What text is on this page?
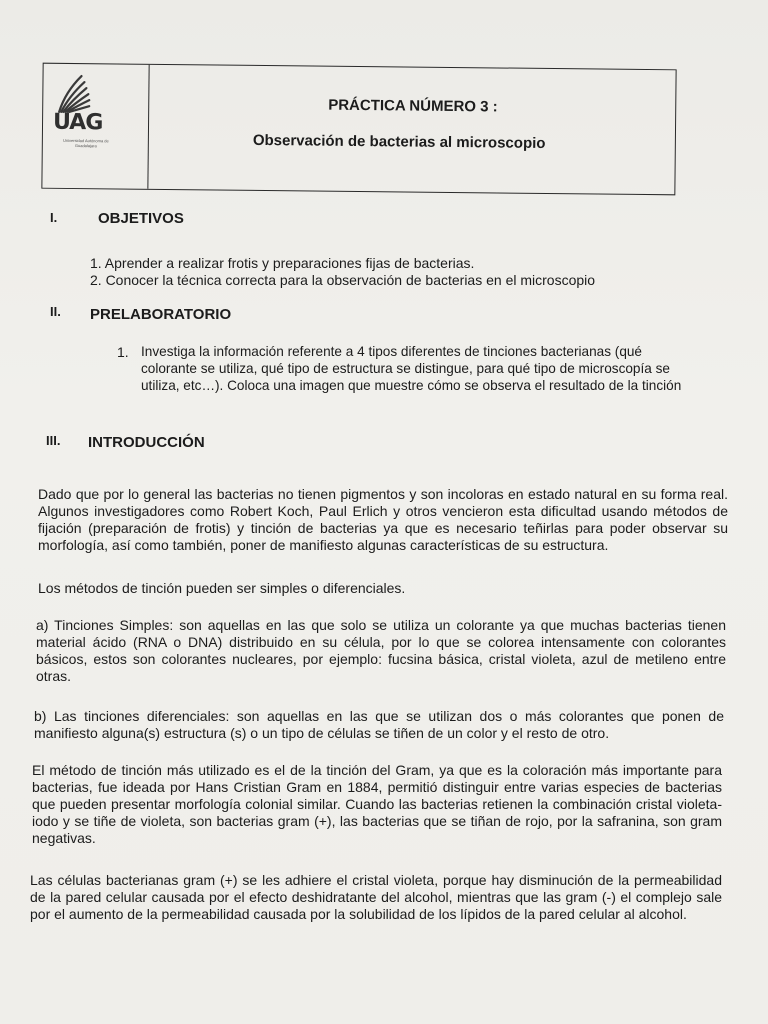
UAG
Universidad Autónoma de Guadalajara
PRÁCTICA NÚMERO 3 :
Observación de bacterias al microscopio
I.	OBJETIVOS
1. Aprender a realizar frotis y preparaciones fijas de bacterias.
2. Conocer la técnica correcta para la observación de bacterias en el microscopio
II. PRELABORATORIO
1. Investiga la información referente a 4 tipos diferentes de tinciones bacterianas (qué
colorante se utiliza, qué tipo de estructura se distingue, para qué tipo de microscopía se
utiliza, etc…). Coloca una imagen que muestre cómo se observa el resultado de la tinción
III. INTRODUCCIÓN
Dado que por lo general las bacterias no tienen pigmentos y son incoloras en estado natural en su forma real. Algunos investigadores como Robert Koch, Paul Erlich y otros vencieron esta dificultad usando métodos de fijación (preparación de frotis) y tinción de bacterias ya que es necesario teñirlas para poder observar su morfología, así como también, poner de manifiesto algunas características de su estructura.
Los métodos de tinción pueden ser simples o diferenciales.
a) Tinciones Simples: son aquellas en las que solo se utiliza un colorante ya que muchas bacterias tienen material ácido (RNA o DNA) distribuido en su célula, por lo que se colorea intensamente con colorantes básicos, estos son colorantes nucleares, por ejemplo: fucsina básica, cristal violeta, azul de metileno entre otras.
b) Las tinciones diferenciales: son aquellas en las que se utilizan dos o más colorantes que ponen de manifiesto alguna(s) estructura (s) o un tipo de células se tiñen de un color y el resto de otro.
El método de tinción más utilizado es el de la tinción del Gram, ya que es la coloración más importante para bacterias, fue ideada por Hans Cristian Gram en 1884, permitió distinguir entre varias especies de bacterias que pueden presentar morfología colonial similar. Cuando las bacterias retienen la combinación cristal violeta-iodo y se tiñe de violeta, son bacterias gram (+), las bacterias que se tiñan de rojo, por la safranina, son gram negativas.
Las células bacterianas gram (+) se les adhiere el cristal violeta, porque hay disminución de la permeabilidad de la pared celular causada por el efecto deshidratante del alcohol, mientras que las gram (-) el complejo sale por el aumento de la permeabilidad causada por la solubilidad de los lípidos de la pared celular al alcohol.
